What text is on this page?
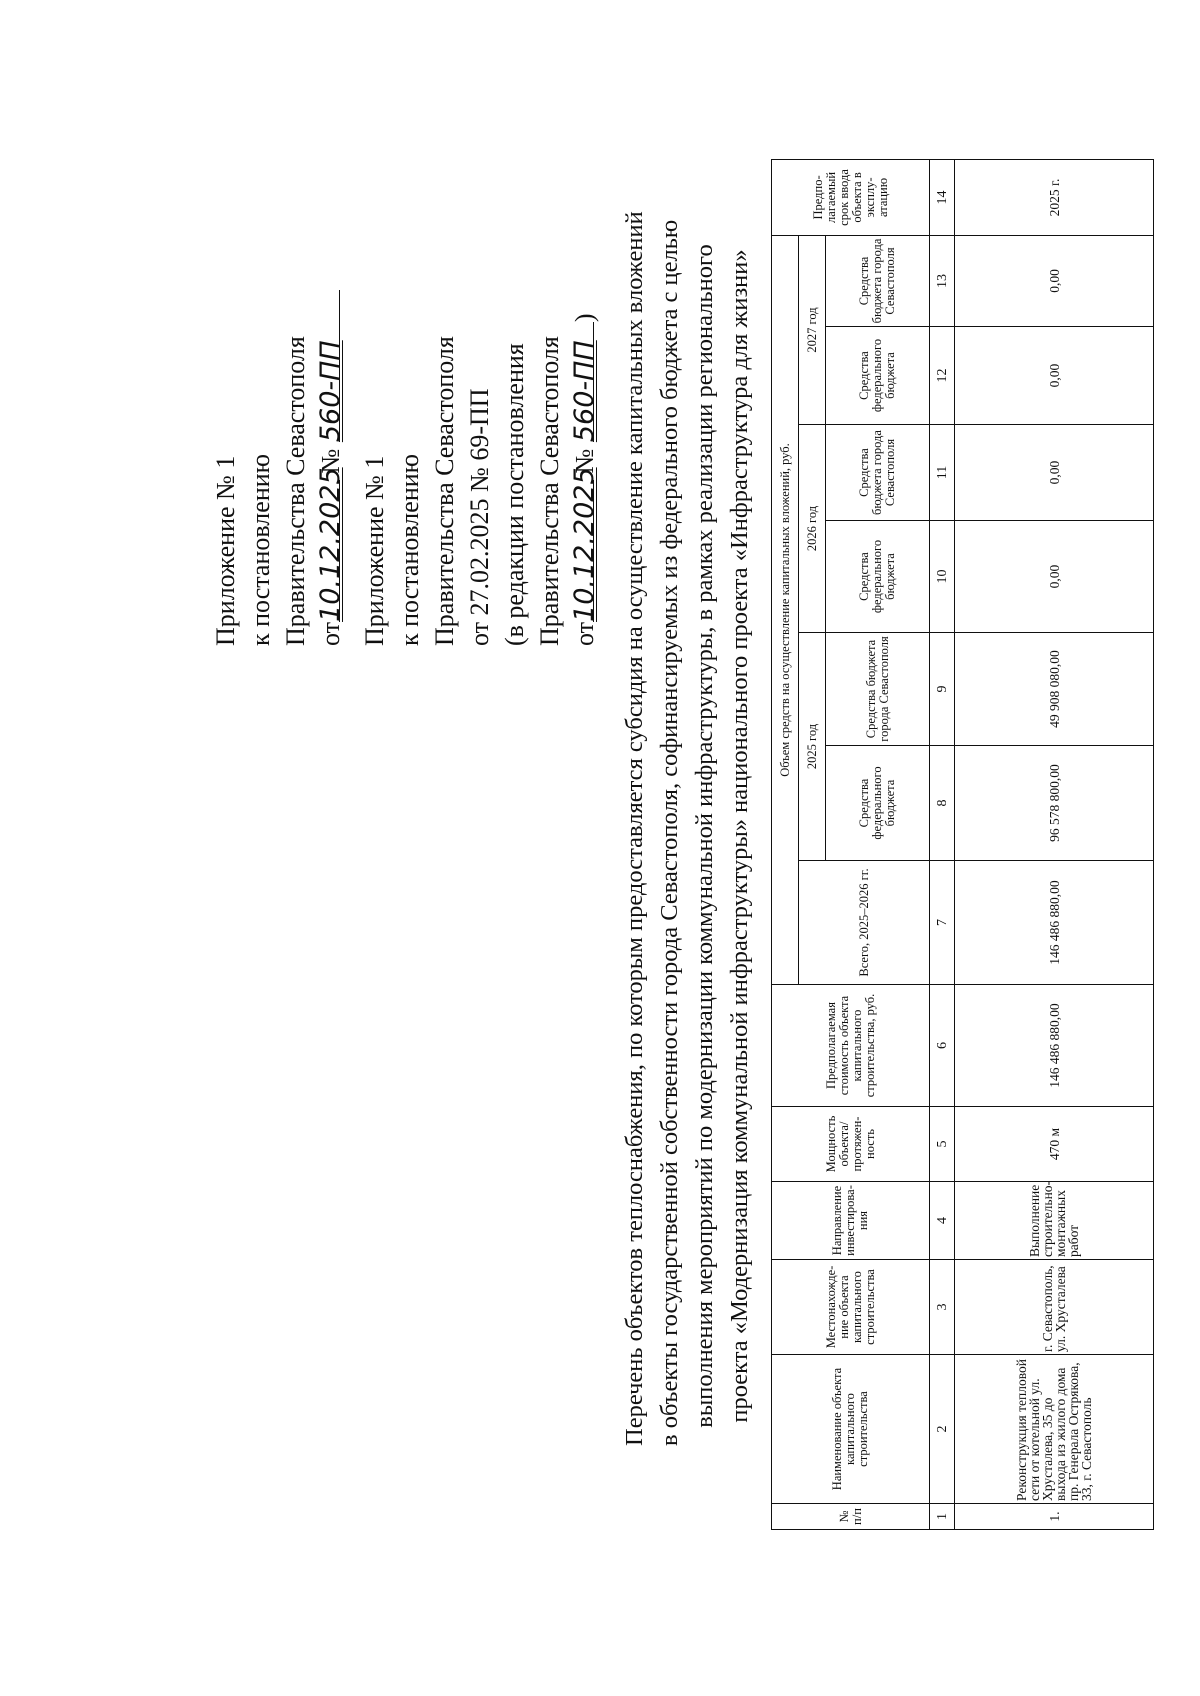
Приложение № 1 к постановлению Правительства Севастополя от10.12.2025 № 560-ПП
Приложение № 1 к постановлению Правительства Севастополя от 27.02.2025 № 69-ПП (в редакции постановления Правительства Севастополя от10.12.2025 № 560-ПП) Перечень объектов теплоснабжения, по которым предоставляется субсидия на осуществление капитальных вложений в объекты государственной собственности города Севастополя, софинансируемых из федерального бюджета с целью выполнения мероприятий по модернизации коммунальной инфраструктуры, в рамках реализации регионального проекта «Модернизация коммунальной инфраструктуры» национального проекта «Инфраструктура для жизни»
№ п/п	Наименование объекта капитального строительства	Местонахожде-ние объекта капитального строительства	Направление инвестирова-ния	Мощность объекта/ протяжен-ность	Предполагаемая стоимость объекта капитального строительства, руб.	Объем средств на осуществление капитальных вложений, руб.							Предпо-лагаемый срок ввода объекта в эксплу-атацию
						Всего, 2025–2026 гг.	2025 год		2026 год		2027 год		
							Средства федерального бюджета	Средства бюджета города Севастополя	Средства федерального бюджета	Средства бюджета города Севастополя	Средства федерального бюджета	Средства бюджета города Севастополя	
1	2	3	4	5	6	7	8	9	10	11	12	13	14
1.	Реконструкция тепловой сети от котельной ул. Хрусталева, 35 до выхода из жилого дома пр. Генерала Острякова, 33, г. Севастополь	г. Севастополь, ул. Хрусталева	Выполнение строительно-монтажных работ	470 м	146 486 880,00	146 486 880,00	96 578 800,00	49 908 080,00	0,00	0,00	0,00	0,00	2025 г.
